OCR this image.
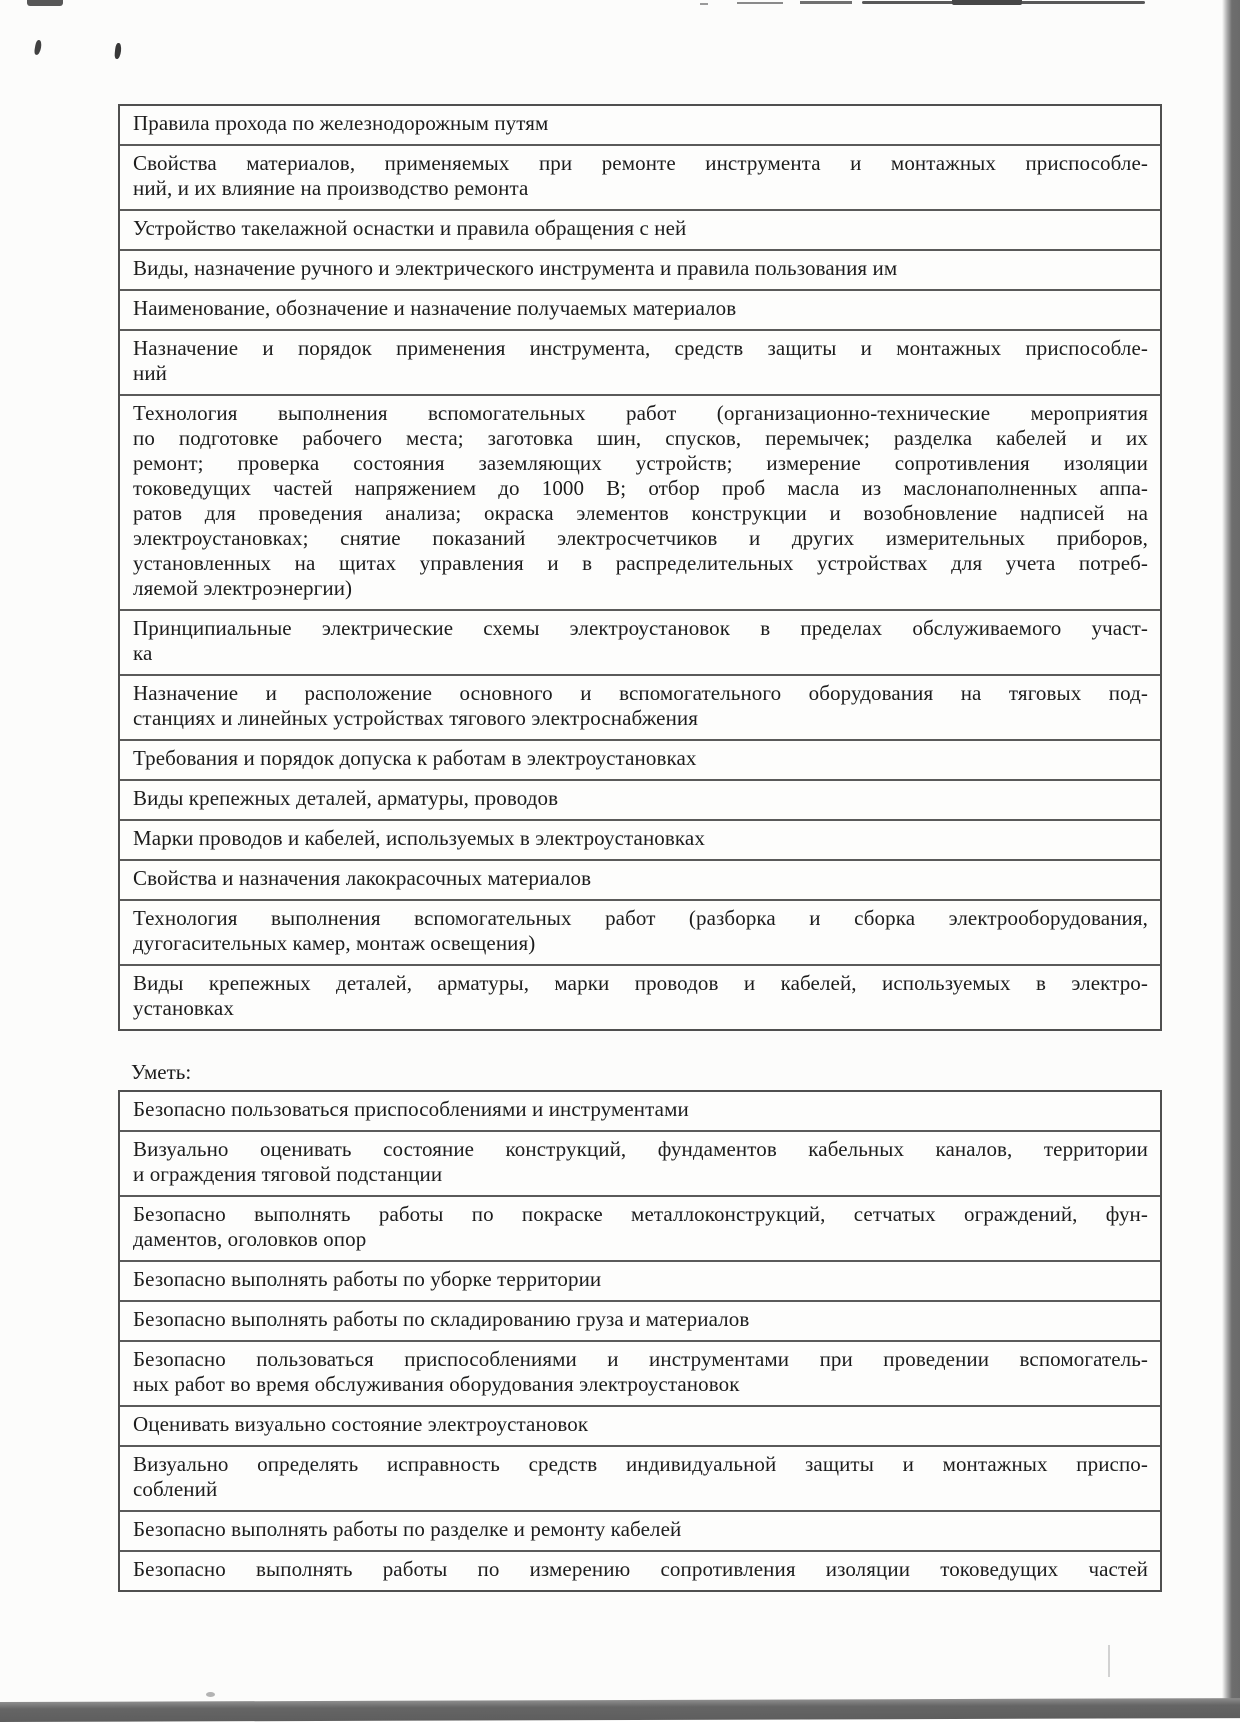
Правила прохода по железнодорожным путям
Свойства материалов, применяемых при ремонте инструмента и монтажных приспособле-
ний, и их влияние на производство ремонта
Устройство такелажной оснастки и правила обращения с ней
Виды, назначение ручного и электрического инструмента и правила пользования им
Наименование, обозначение и назначение получаемых материалов
Назначение и порядок применения инструмента, средств защиты и монтажных приспособле-
ний
Технология выполнения вспомогательных работ (организационно-технические мероприятия
по подготовке рабочего места; заготовка шин, спусков, перемычек; разделка кабелей и их
ремонт; проверка состояния заземляющих устройств; измерение сопротивления изоляции
токоведущих частей напряжением до 1000 В; отбор проб масла из маслонаполненных аппа-
ратов для проведения анализа; окраска элементов конструкции и возобновление надписей на
электроустановках; снятие показаний электросчетчиков и других измерительных приборов,
установленных на щитах управления и в распределительных устройствах для учета потреб-
ляемой электроэнергии)
Принципиальные электрические схемы электроустановок в пределах обслуживаемого участ-
ка
Назначение и расположение основного и вспомогательного оборудования на тяговых под-
станциях и линейных устройствах тягового электроснабжения
Требования и порядок допуска к работам в электроустановках
Виды крепежных деталей, арматуры, проводов
Марки проводов и кабелей, используемых в электроустановках
Свойства и назначения лакокрасочных материалов
Технология выполнения вспомогательных работ (разборка и сборка электрооборудования,
дугогасительных камер, монтаж освещения)
Виды крепежных деталей, арматуры, марки проводов и кабелей, используемых в электро-
установках
Уметь:
Безопасно пользоваться приспособлениями и инструментами
Визуально оценивать состояние конструкций, фундаментов кабельных каналов, территории
и ограждения тяговой подстанции
Безопасно выполнять работы по покраске металлоконструкций, сетчатых ограждений, фун-
даментов, оголовков опор
Безопасно выполнять работы по уборке территории
Безопасно выполнять работы по складированию груза и материалов
Безопасно пользоваться приспособлениями и инструментами при проведении вспомогатель-
ных работ во время обслуживания оборудования электроустановок
Оценивать визуально состояние электроустановок
Визуально определять исправность средств индивидуальной защиты и монтажных приспо-
соблений
Безопасно выполнять работы по разделке и ремонту кабелей
Безопасно выполнять работы по измерению сопротивления изоляции токоведущих частей
